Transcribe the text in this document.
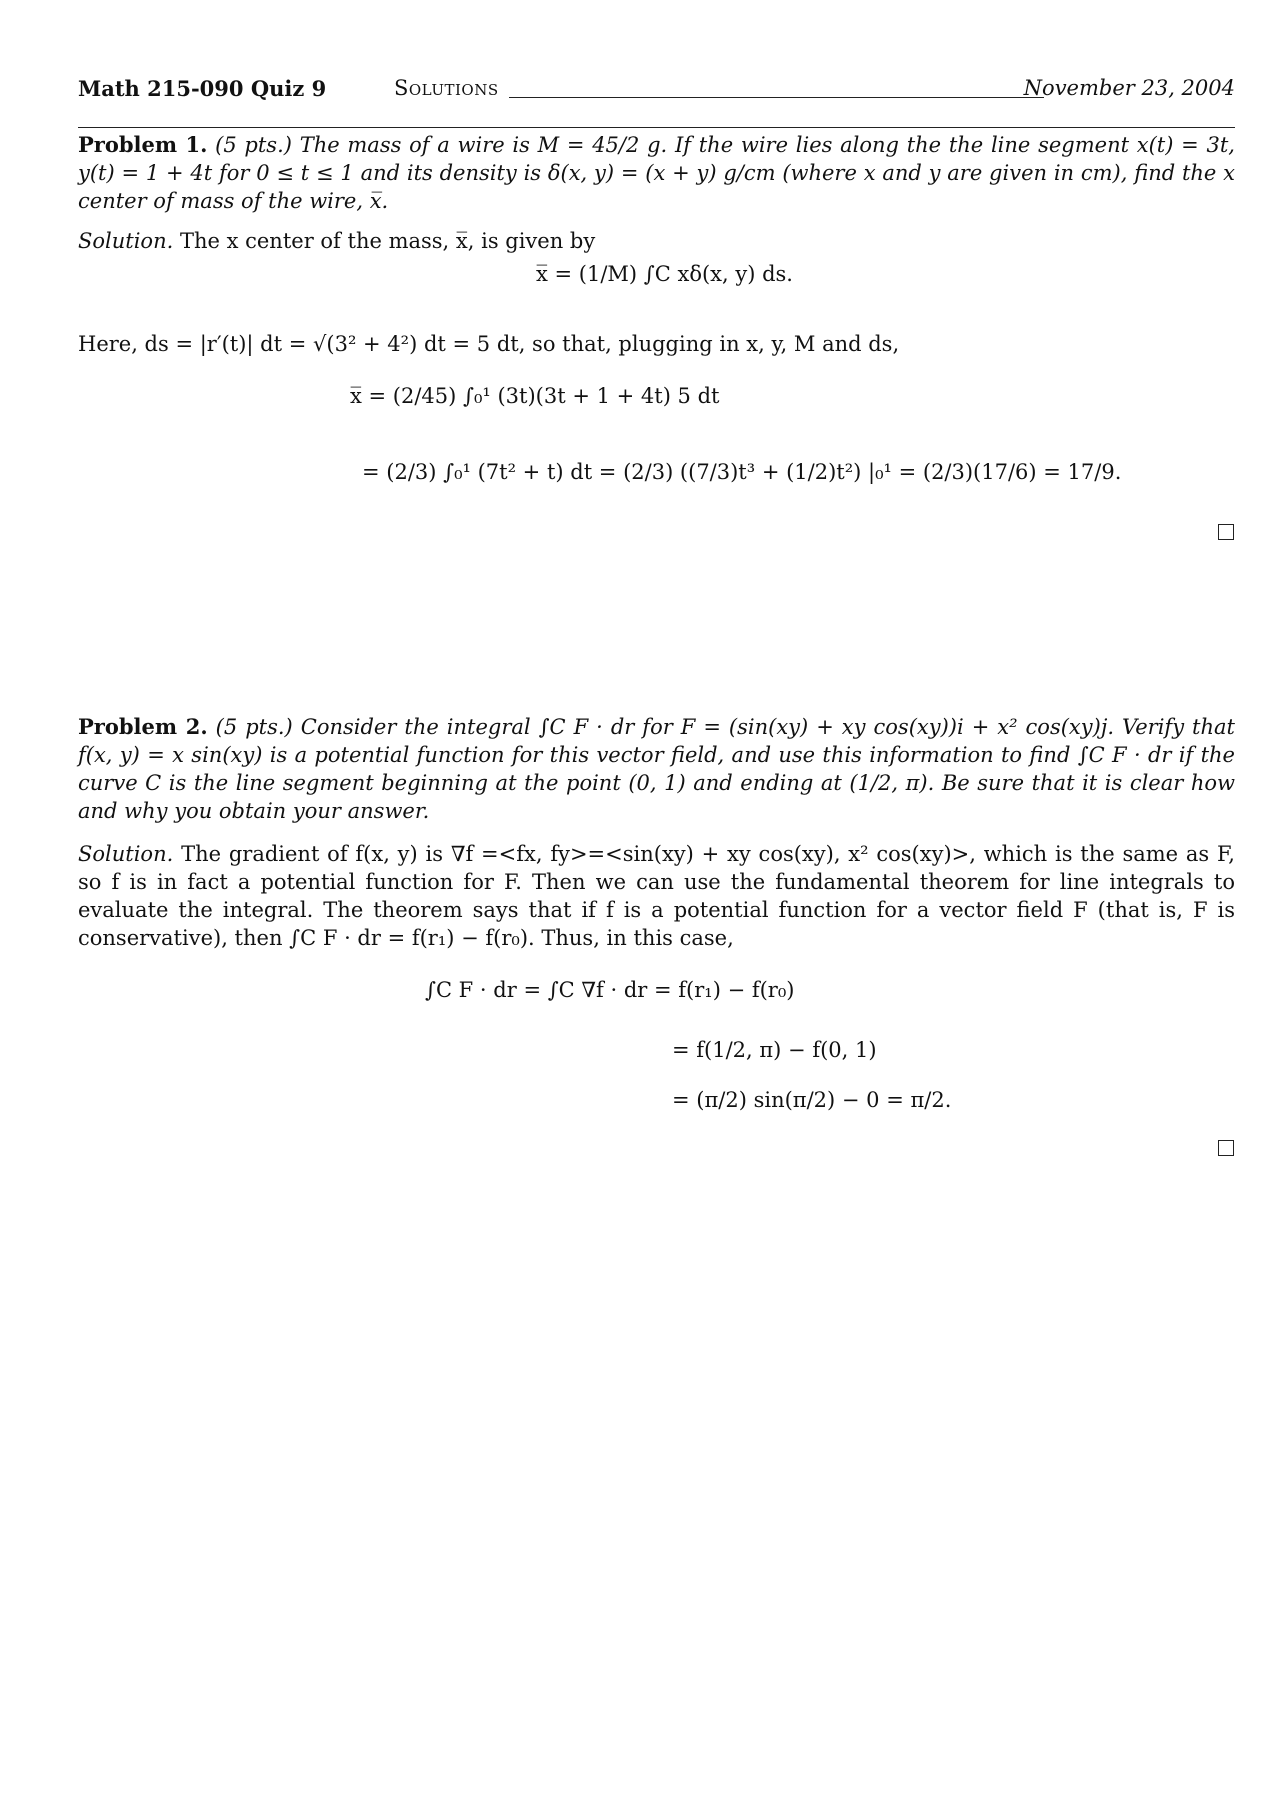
Math 215-090 Quiz 9	Solutions	November 23, 2004
Problem 1. (5 pts.) The mass of a wire is M = 45/2 g. If the wire lies along the the line segment x(t) = 3t, y(t) = 1 + 4t for 0 ≤ t ≤ 1 and its density is δ(x, y) = (x + y) g/cm (where x and y are given in cm), find the x center of mass of the wire, x̅.
Solution. The x center of the mass, x̅, is given by
x̅ = (1/M) ∫C xδ(x, y) ds.
Here, ds = |r′(t)| dt = √(3² + 4²) dt = 5 dt, so that, plugging in x, y, M and ds,
x̅ = (2/45) ∫₀¹ (3t)(3t + 1 + 4t) 5 dt
= (2/3) ∫₀¹ (7t² + t) dt = (2/3) ((7/3)t³ + (1/2)t²) |₀¹ = (2/3)(17/6) = 17/9.
Problem 2. (5 pts.) Consider the integral ∫C F · dr for F = (sin(xy) + xy cos(xy))i + x² cos(xy)j. Verify that f(x, y) = x sin(xy) is a potential function for this vector field, and use this information to find ∫C F · dr if the curve C is the line segment beginning at the point (0, 1) and ending at (1/2, π). Be sure that it is clear how and why you obtain your answer.
Solution. The gradient of f(x, y) is ∇f =<fx, fy>=<sin(xy) + xy cos(xy), x² cos(xy)>, which is the same as F, so f is in fact a potential function for F. Then we can use the fundamental theorem for line integrals to evaluate the integral. The theorem says that if f is a potential function for a vector field F (that is, F is conservative), then ∫C F · dr = f(r₁) − f(r₀). Thus, in this case,
∫C F · dr = ∫C ∇f · dr = f(r₁) − f(r₀)
= f(1/2, π) − f(0, 1)
= (π/2) sin(π/2) − 0 = π/2.
